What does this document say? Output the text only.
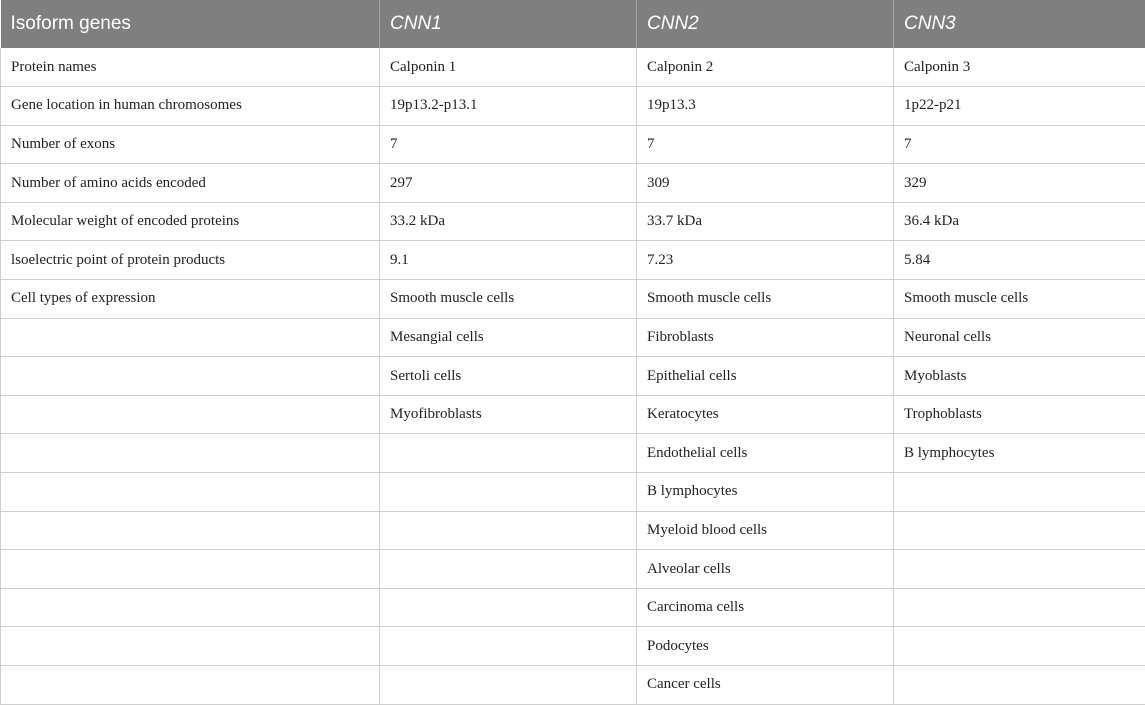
Isoform genes	CNN1	CNN2	CNN3
Protein names	Calponin 1	Calponin 2	Calponin 3
Gene location in human chromosomes	19p13.2-p13.1	19p13.3	1p22-p21
Number of exons	7	7	7
Number of amino acids encoded	297	309	329
Molecular weight of encoded proteins	33.2 kDa	33.7 kDa	36.4 kDa
lsoelectric point of protein products	9.1	7.23	5.84
Cell types of expression	Smooth muscle cells	Smooth muscle cells	Smooth muscle cells
	Mesangial cells	Fibroblasts	Neuronal cells
	Sertoli cells	Epithelial cells	Myoblasts
	Myofibroblasts	Keratocytes	Trophoblasts
		Endothelial cells	B lymphocytes
		B lymphocytes	
		Myeloid blood cells	
		Alveolar cells	
		Carcinoma cells	
		Podocytes	
		Cancer cells	
